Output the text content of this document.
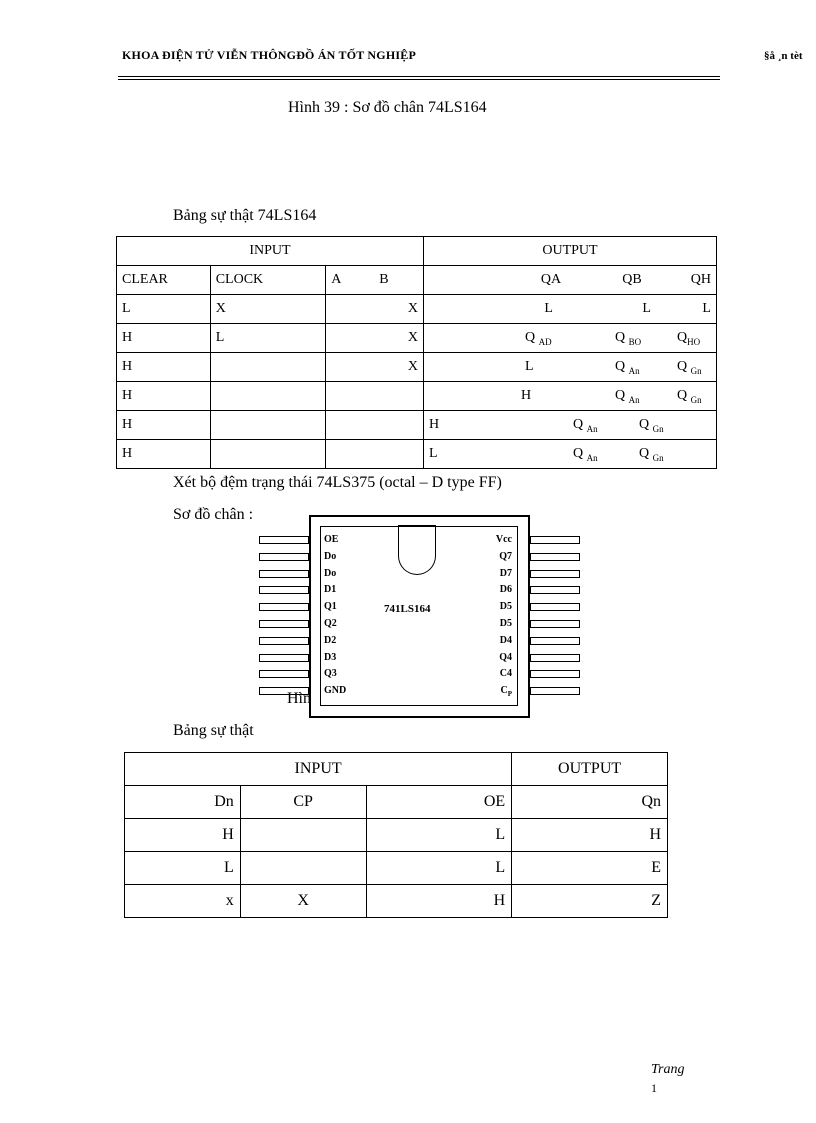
KHOA ĐIỆN TỬ VIỄN THÔNGĐỒ ÁN TỐT NGHIỆP	§å ¸n tèt
Hình 39 : Sơ đồ chân 74LS164
Bảng sự thật 74LS164
INPUT			OUTPUT
CLEAR	CLOCK	A B	QA QB QH
L	X	X	L L L
H	L	X	Q $_{AD}$ Q $_{BO}$ $Q_{HO}$
H		X	L Q $_{An}$ Q $_{Gn}$
H			H Q $_{An}$ Q $_{Gn}$
H			H Q $_{An}$ Q $_{Gn}$
H			L Q $_{An}$ Q $_{Gn}$
Xét bộ đệm trạng thái 74LS375 (octal – D type FF)
Sơ đồ chân :
Hìn
741LS164
OE	Vcc
Do	Q7
Do	D7
D1	D6
Q1	D5
Q2	D5
D2	D4
D3	Q4
Q3	C4
GND	$C_P$
Bảng sự thật
INPUT			OUTPUT
Dn	CP	OE	Qn
H		L	H
L		L	E
x	X	H	Z
Trang
1
